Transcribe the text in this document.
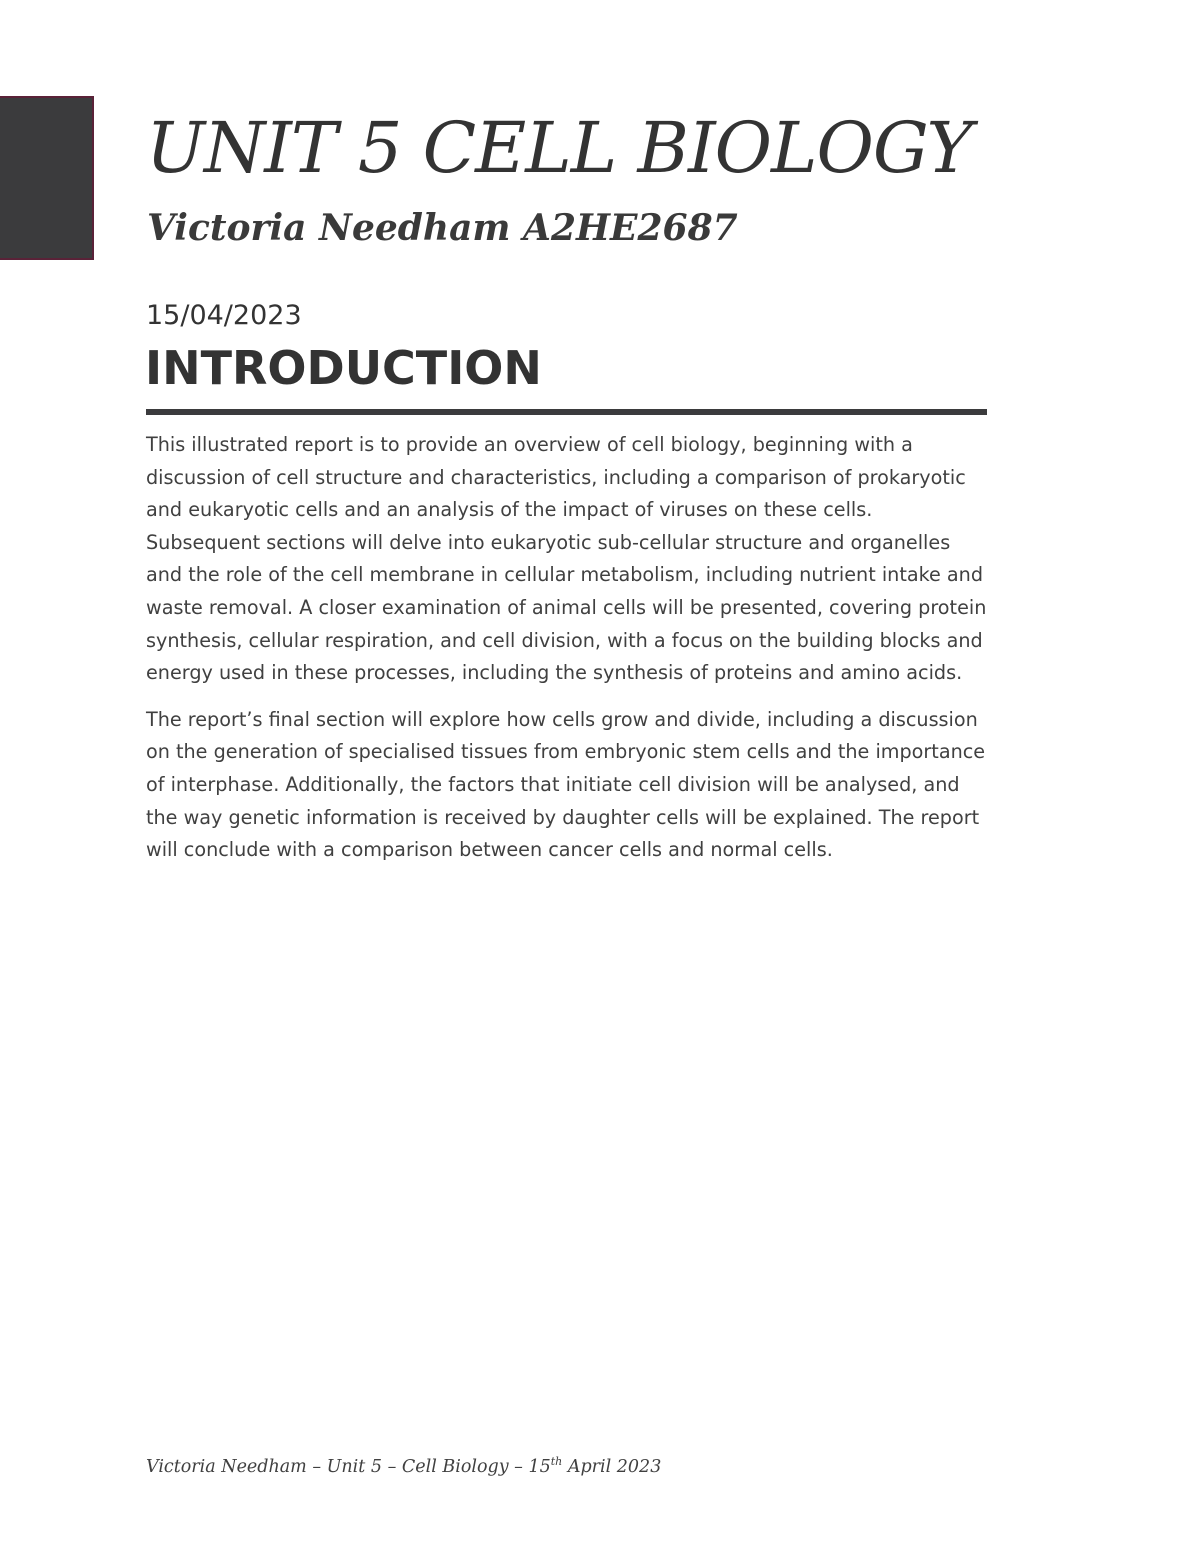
UNIT 5 CELL BIOLOGY
Victoria Needham A2HE2687
15/04/2023
INTRODUCTION

This illustrated report is to provide an overview of cell biology, beginning with a discussion of cell structure and characteristics, including a comparison of prokaryotic and eukaryotic cells and an analysis of the impact of viruses on these cells. Subsequent sections will delve into eukaryotic sub-cellular structure and organelles and the role of the cell membrane in cellular metabolism, including nutrient intake and waste removal. A closer examination of animal cells will be presented, covering protein synthesis, cellular respiration, and cell division, with a focus on the building blocks and energy used in these processes, including the synthesis of proteins and amino acids.

The report’s final section will explore how cells grow and divide, including a discussion on the generation of specialised tissues from embryonic stem cells and the importance of interphase. Additionally, the factors that initiate cell division will be analysed, and the way genetic information is received by daughter cells will be explained. The report will conclude with a comparison between cancer cells and normal cells.

Victoria Needham – Unit 5 – Cell Biology – 15th April 2023
